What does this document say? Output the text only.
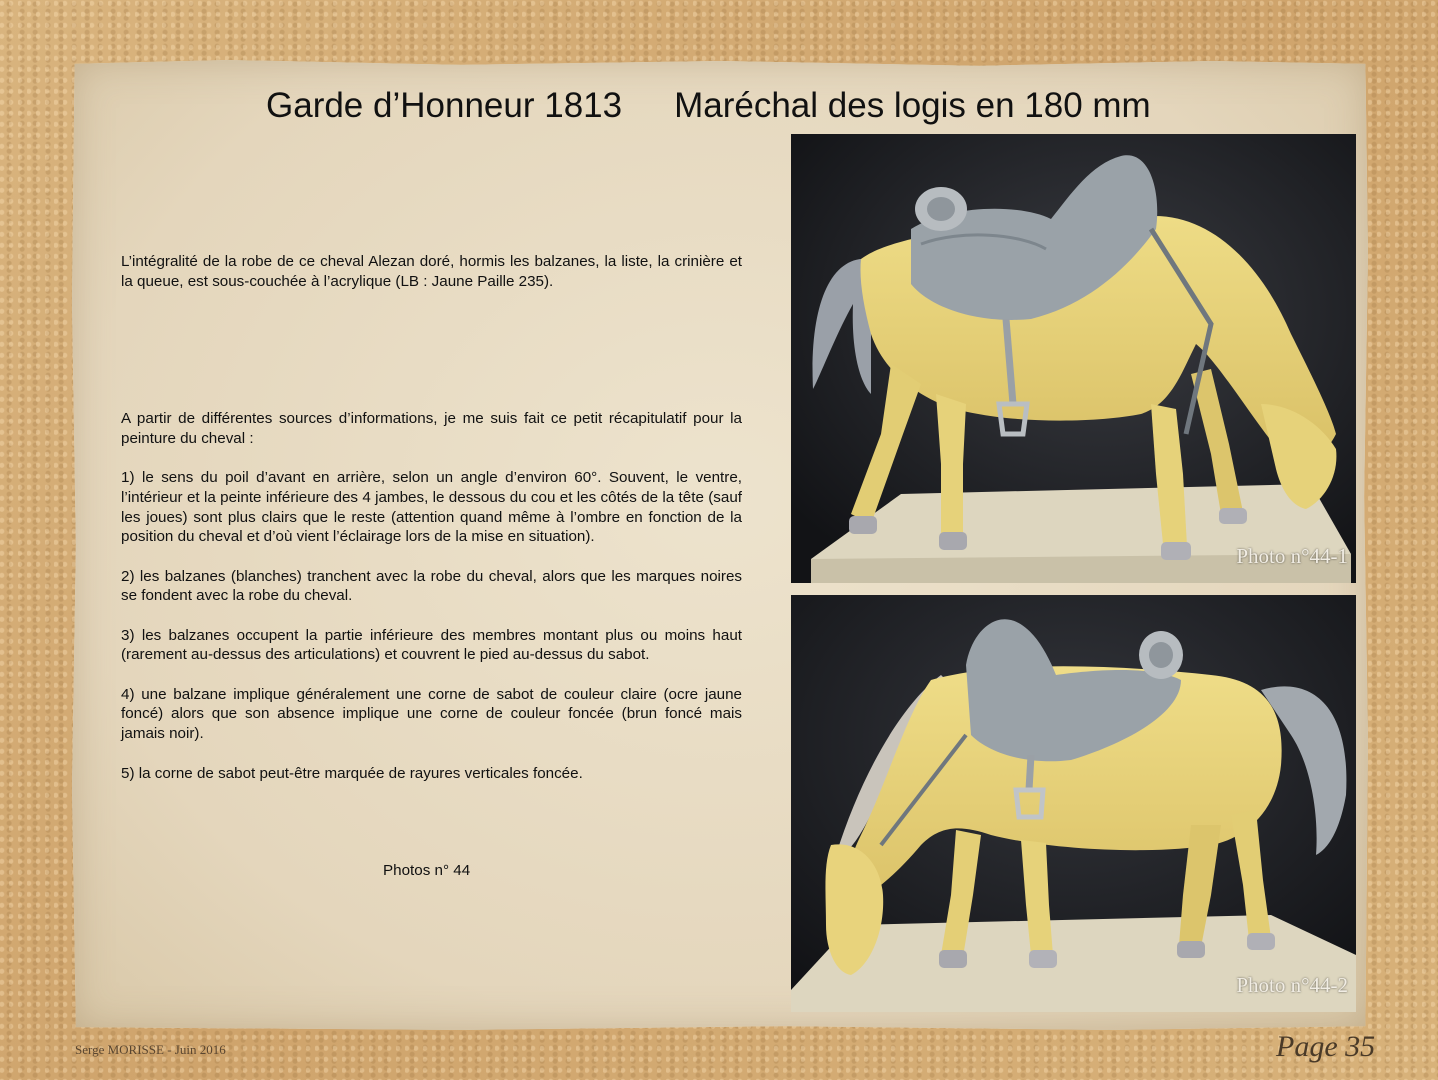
Garde d’Honneur 1813 Maréchal des logis en 180 mm

L’intégralité de la robe de ce cheval Alezan doré, hormis les balzanes, la liste, la crinière et la queue, est sous-couchée à l’acrylique (LB : Jaune Paille 235).

A partir de différentes sources d’informations, je me suis fait ce petit récapitulatif pour la peinture du cheval :

1) le sens du poil d’avant en arrière, selon un angle d’environ 60°. Souvent, le ventre, l’intérieur et la peinte inférieure des 4 jambes, le dessous du cou et les côtés de la tête (sauf les joues) sont plus clairs que le reste (attention quand même à l’ombre en fonction de la position du cheval et d’où vient l’éclairage lors de la mise en situation).

2) les balzanes (blanches) tranchent avec la robe du cheval, alors que les marques noires se fondent avec la robe du cheval.

3) les balzanes occupent la partie inférieure des membres montant plus ou moins haut (rarement au-dessus des articulations) et couvrent le pied au-dessus du sabot.

4) une balzane implique généralement une corne de sabot de couleur claire (ocre jaune foncé) alors que son absence implique une corne de couleur foncée (brun foncé mais jamais noir).

5) la corne de sabot peut-être marquée de rayures verticales foncée.

Photos n° 44
Photo n°44-1
Photo n°44-2
Serge MORISSE - Juin 2016	Page 35
